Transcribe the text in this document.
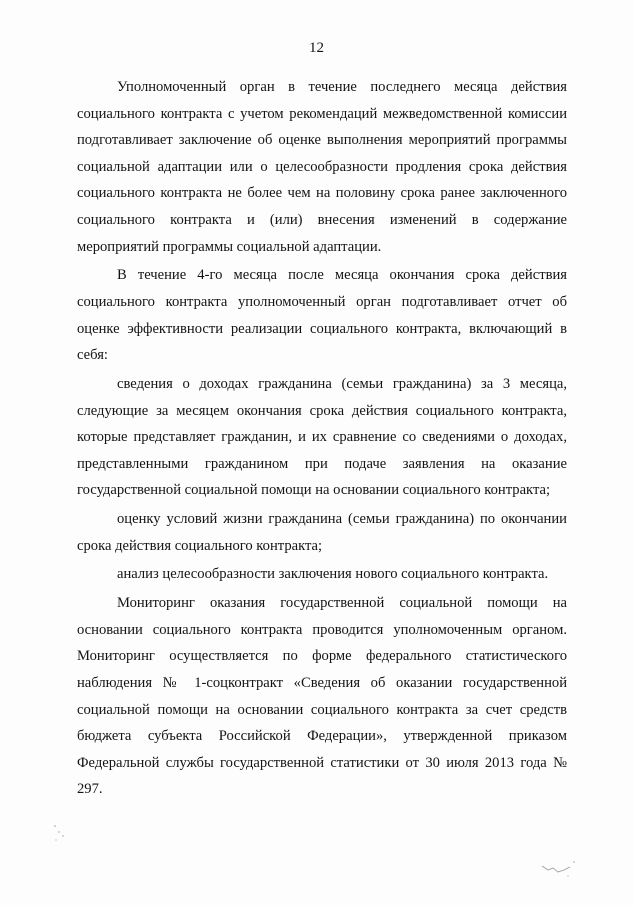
12

Уполномоченный орган в течение последнего месяца действия социального контракта с учетом рекомендаций межведомственной комиссии подготавливает заключение об оценке выполнения мероприятий программы социальной адаптации или о целесообразности продления срока действия социального контракта не более чем на половину срока ранее заключенного социального контракта и (или) внесения изменений в содержание мероприятий программы социальной адаптации.

В течение 4-го месяца после месяца окончания срока действия социального контракта уполномоченный орган подготавливает отчет об оценке эффективности реализации социального контракта, включающий в себя:

сведения о доходах гражданина (семьи гражданина) за 3 месяца, следующие за месяцем окончания срока действия социального контракта, которые представляет гражданин, и их сравнение со сведениями о доходах, представленными гражданином при подаче заявления на оказание государственной социальной помощи на основании социального контракта;

оценку условий жизни гражданина (семьи гражданина) по окончании срока действия социального контракта;

анализ целесообразности заключения нового социального контракта.

Мониторинг оказания государственной социальной помощи на основании социального контракта проводится уполномоченным органом. Мониторинг осуществляется по форме федерального статистического наблюдения № 1-соцконтракт «Сведения об оказании государственной социальной помощи на основании социального контракта за счет средств бюджета субъекта Российской Федерации», утвержденной приказом Федеральной службы государственной статистики от 30 июля 2013 года № 297.
